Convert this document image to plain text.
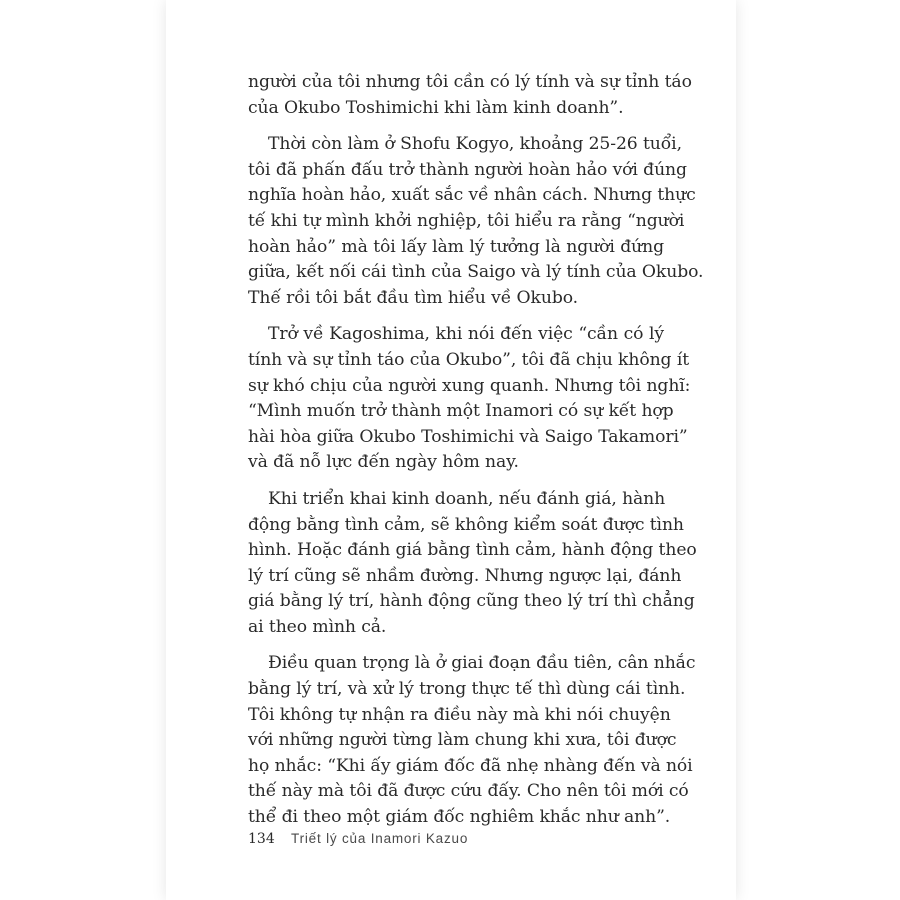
người của tôi nhưng tôi cần có lý tính và sự tỉnh táo
của Okubo Toshimichi khi làm kinh doanh”.

Thời còn làm ở Shofu Kogyo, khoảng 25-26 tuổi,
tôi đã phấn đấu trở thành người hoàn hảo với đúng
nghĩa hoàn hảo, xuất sắc về nhân cách. Nhưng thực
tế khi tự mình khởi nghiệp, tôi hiểu ra rằng “người
hoàn hảo” mà tôi lấy làm lý tưởng là người đứng
giữa, kết nối cái tình của Saigo và lý tính của Okubo.
Thế rồi tôi bắt đầu tìm hiểu về Okubo.

Trở về Kagoshima, khi nói đến việc “cần có lý
tính và sự tỉnh táo của Okubo”, tôi đã chịu không ít
sự khó chịu của người xung quanh. Nhưng tôi nghĩ:
“Mình muốn trở thành một Inamori có sự kết hợp
hài hòa giữa Okubo Toshimichi và Saigo Takamori”
và đã nỗ lực đến ngày hôm nay.

Khi triển khai kinh doanh, nếu đánh giá, hành
động bằng tình cảm, sẽ không kiểm soát được tình
hình. Hoặc đánh giá bằng tình cảm, hành động theo
lý trí cũng sẽ nhầm đường. Nhưng ngược lại, đánh
giá bằng lý trí, hành động cũng theo lý trí thì chẳng
ai theo mình cả.

Điều quan trọng là ở giai đoạn đầu tiên, cân nhắc
bằng lý trí, và xử lý trong thực tế thì dùng cái tình.
Tôi không tự nhận ra điều này mà khi nói chuyện
với những người từng làm chung khi xưa, tôi được
họ nhắc: “Khi ấy giám đốc đã nhẹ nhàng đến và nói
thế này mà tôi đã được cứu đấy. Cho nên tôi mới có
thể đi theo một giám đốc nghiêm khắc như anh”.

134 Triết lý của Inamori Kazuo
